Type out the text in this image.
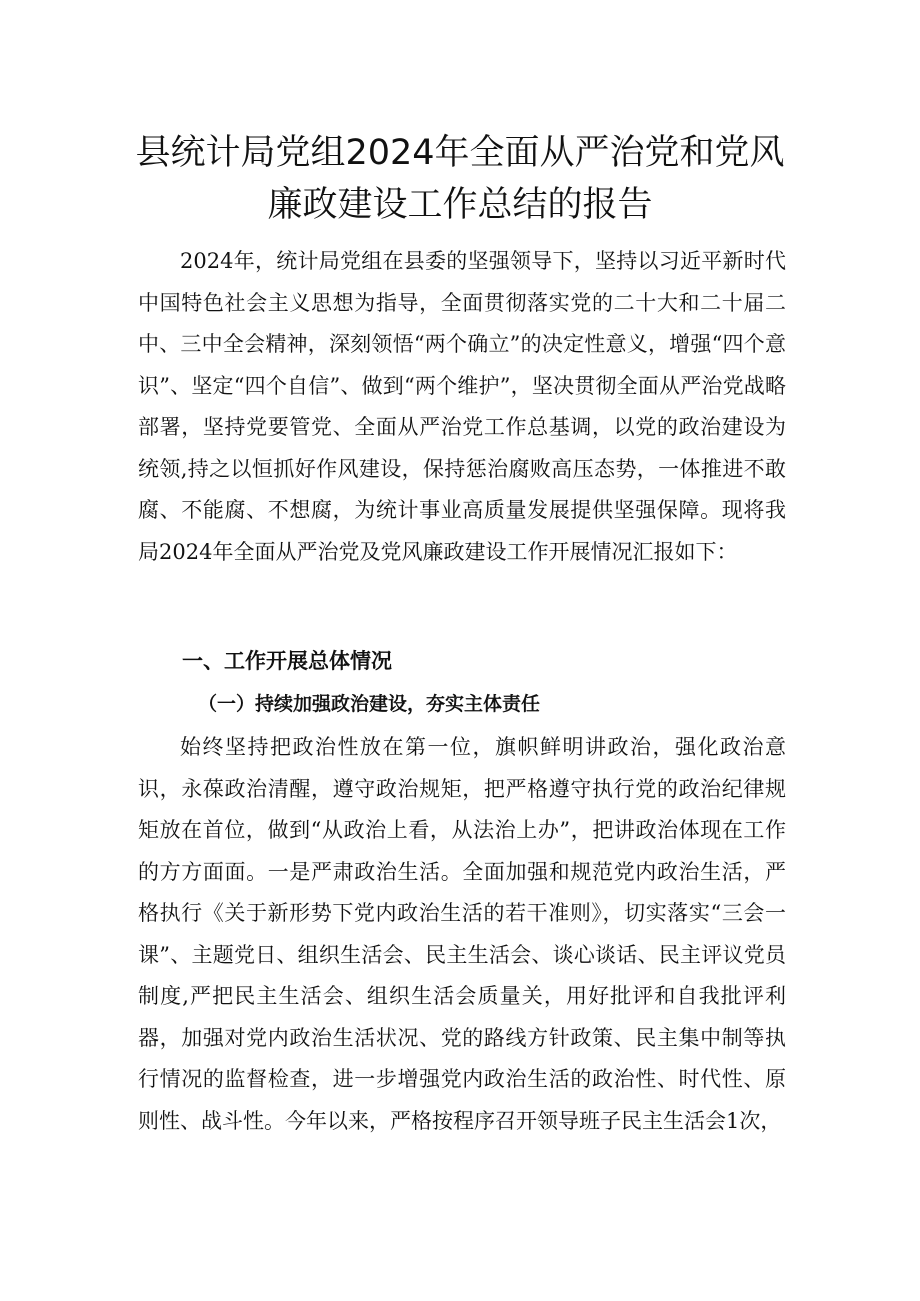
县统计局党组2024年全面从严治党和党风
廉政建设工作总结的报告

2024年，统计局党组在县委的坚强领导下，坚持以习近平新时代中国特色社会主义思想为指导，全面贯彻落实党的二十大和二十届二中、三中全会精神，深刻领悟“两个确立”的决定性意义，增强“四个意识”、坚定“四个自信”、做到“两个维护”，坚决贯彻全面从严治党战略部署，坚持党要管党、全面从严治党工作总基调，以党的政治建设为统领,持之以恒抓好作风建设，保持惩治腐败高压态势，一体推进不敢腐、不能腐、不想腐，为统计事业高质量发展提供坚强保障。现将我局2024年全面从严治党及党风廉政建设工作开展情况汇报如下：

一、工作开展总体情况
（一）持续加强政治建设，夯实主体责任

始终坚持把政治性放在第一位，旗帜鲜明讲政治，强化政治意识，永葆政治清醒，遵守政治规矩，把严格遵守执行党的政治纪律规矩放在首位，做到“从政治上看，从法治上办”，把讲政治体现在工作的方方面面。一是严肃政治生活。全面加强和规范党内政治生活，严格执行《关于新形势下党内政治生活的若干准则》，切实落实“三会一课”、主题党日、组织生活会、民主生活会、谈心谈话、民主评议党员制度,严把民主生活会、组织生活会质量关，用好批评和自我批评利器，加强对党内政治生活状况、党的路线方针政策、民主集中制等执行情况的监督检查，进一步增强党内政治生活的政治性、时代性、原则性、战斗性。今年以来，严格按程序召开领导班子民主生活会1次，
